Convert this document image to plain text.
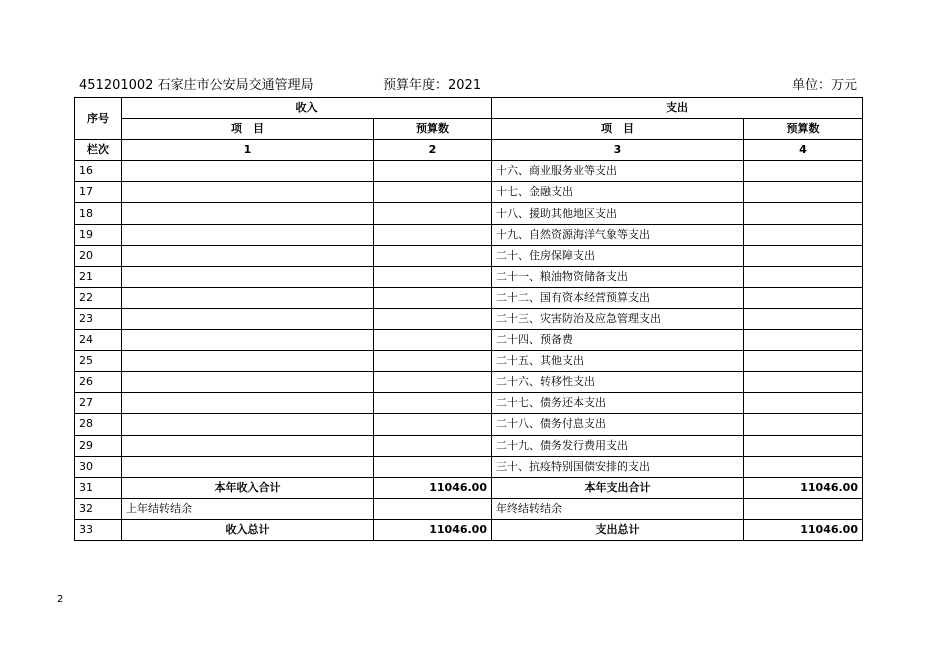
451201002 石家庄市公安局交通管理局	预算年度：2021	单位：万元
序号	收入		支出	
	项　目	预算数	项　目	预算数
栏次	1	2	3	4
16			十六、商业服务业等支出	
17			十七、金融支出	
18			十八、援助其他地区支出	
19			十九、自然资源海洋气象等支出	
20			二十、住房保障支出	
21			二十一、粮油物资储备支出	
22			二十二、国有资本经营预算支出	
23			二十三、灾害防治及应急管理支出	
24			二十四、预备费	
25			二十五、其他支出	
26			二十六、转移性支出	
27			二十七、债务还本支出	
28			二十八、债务付息支出	
29			二十九、债务发行费用支出	
30			三十、抗疫特别国债安排的支出	
31	本年收入合计	11046.00	本年支出合计	11046.00
32	上年结转结余		年终结转结余	
33	收入总计	11046.00	支出总计	11046.00
2
